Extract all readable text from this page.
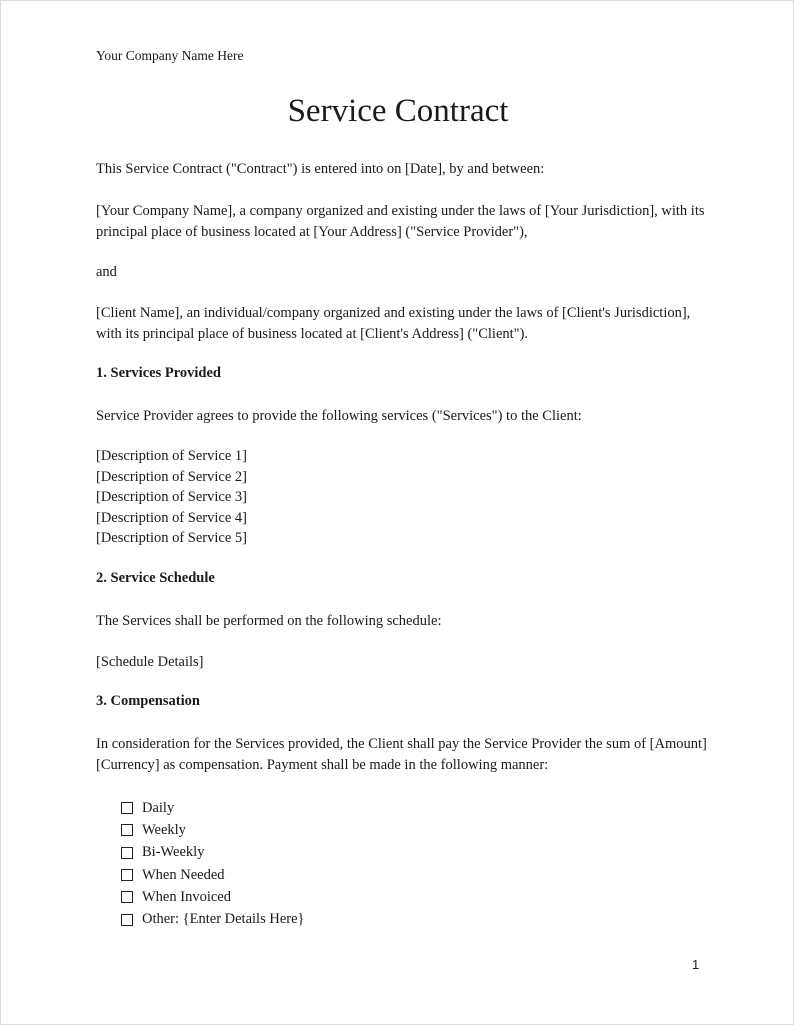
Your Company Name Here
Service Contract
This Service Contract ("Contract") is entered into on [Date], by and between:
[Your Company Name], a company organized and existing under the laws of [Your Jurisdiction], with its principal place of business located at [Your Address] ("Service Provider"),
and
[Client Name], an individual/company organized and existing under the laws of [Client's Jurisdiction], with its principal place of business located at [Client's Address] ("Client").
1. Services Provided
Service Provider agrees to provide the following services ("Services") to the Client:
[Description of Service 1]
[Description of Service 2]
[Description of Service 3]
[Description of Service 4]
[Description of Service 5]
2. Service Schedule
The Services shall be performed on the following schedule:
[Schedule Details]
3. Compensation
In consideration for the Services provided, the Client shall pay the Service Provider the sum of [Amount] [Currency] as compensation. Payment shall be made in the following manner:
Daily
Weekly
Bi-Weekly
When Needed
When Invoiced
Other: {Enter Details Here}
1
